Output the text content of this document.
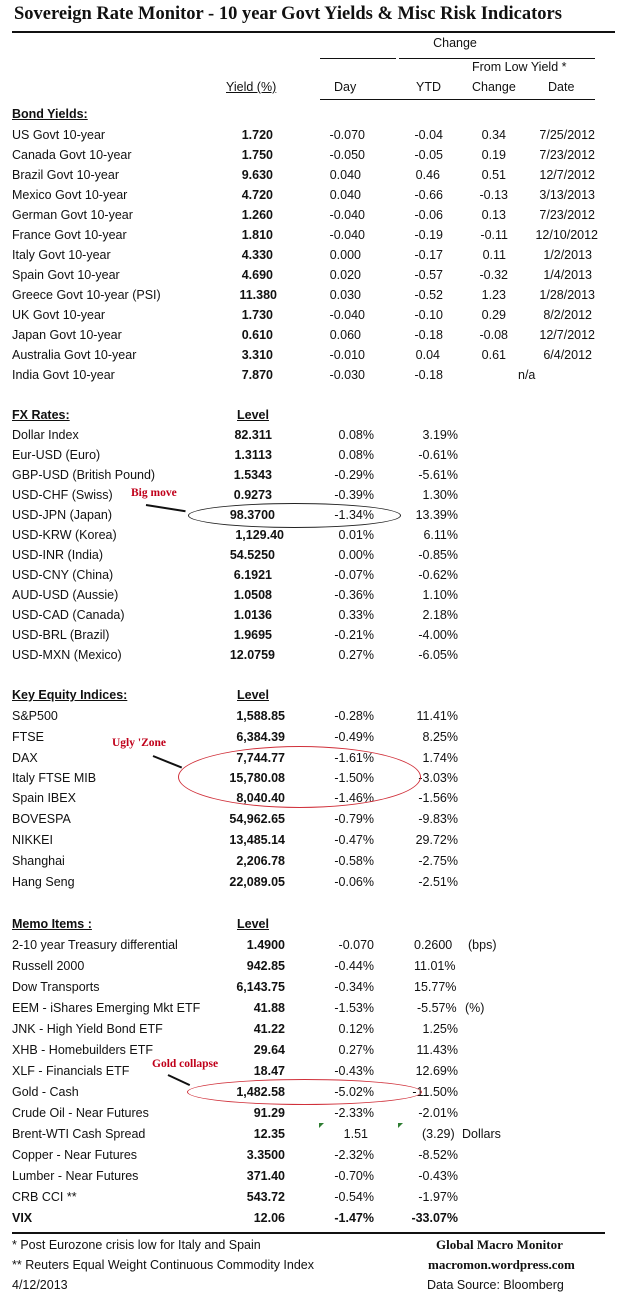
Sovereign Rate Monitor - 10 year Govt Yields & Misc Risk Indicators
Change
From Low Yield *
Yield (%)	Day	YTD Change	Date
Bond Yields:
US Govt 10-year	1.720	-0.070	-0.04	0.34	7/25/2012
Canada Govt 10-year	1.750	-0.050	-0.05	0.19	7/23/2012
Brazil Govt 10-year	9.630	0.040	0.46	0.51	12/7/2012
Mexico Govt 10-year	4.720	0.040	-0.66	-0.13	3/13/2013
German Govt 10-year	1.260	-0.040	-0.06	0.13	7/23/2012
France Govt 10-year	1.810	-0.040	-0.19	-0.11	12/10/2012
Italy Govt 10-year	4.330	0.000	-0.17	0.11	1/2/2013
Spain Govt 10-year	4.690	0.020	-0.57	-0.32	1/4/2013
Greece Govt 10-year (PSI)	11.380	0.030	-0.52	1.23	1/28/2013
UK Govt 10-year	1.730	-0.040	-0.10	0.29	8/2/2012
Japan Govt 10-year	0.610	0.060	-0.18	-0.08	12/7/2012
Australia Govt 10-year	3.310	-0.010	0.04	0.61	6/4/2012
India Govt 10-year	7.870	-0.030	-0.18	n/a
FX Rates:	Level
Dollar Index	82.311	0.08%	3.19%
Eur-USD (Euro)	1.3113	0.08%	-0.61%
GBP-USD (British Pound)	1.5343	-0.29%	-5.61%
USD-CHF (Swiss)	0.9273	-0.39%	1.30%
USD-JPN (Japan)	98.3700	-1.34%	13.39%
USD-KRW (Korea)	1,129.40	0.01%	6.11%
USD-INR (India)	54.5250	0.00%	-0.85%
USD-CNY (China)	6.1921	-0.07%	-0.62%
AUD-USD (Aussie)	1.0508	-0.36%	1.10%
USD-CAD (Canada)	1.0136	0.33%	2.18%
USD-BRL (Brazil)	1.9695	-0.21%	-4.00%
USD-MXN (Mexico)	12.0759	0.27%	-6.05%
Big move
Key Equity Indices:	Level
S&P500	1,588.85	-0.28%	11.41%
FTSE	6,384.39	-0.49%	8.25%
DAX	7,744.77	-1.61%	1.74%
Italy FTSE MIB	15,780.08	-1.50%	-3.03%
Spain IBEX	8,040.40	-1.46%	-1.56%
BOVESPA	54,962.65	-0.79%	-9.83%
NIKKEI	13,485.14	-0.47%	29.72%
Shanghai	2,206.78	-0.58%	-2.75%
Hang Seng	22,089.05	-0.06%	-2.51%
Ugly 'Zone
Memo Items :	Level
2-10 year Treasury differential	1.4900	-0.070	0.2600 (bps)
Russell 2000	942.85	-0.44%	11.01%
Dow Transports	6,143.75	-0.34%	15.77%
EEM - iShares Emerging Mkt ETF	41.88	-1.53%	-5.57% (%)
JNK - High Yield Bond ETF	41.22	0.12%	1.25%
XHB - Homebuilders ETF	29.64	0.27%	11.43%
XLF - Financials ETF	18.47	-0.43%	12.69%
Gold - Cash	1,482.58	-5.02%	-11.50%
Crude Oil - Near Futures	91.29	-2.33%	-2.01%
Brent-WTI Cash Spread	12.35	1.51	(3.29) Dollars
Copper - Near Futures	3.3500	-2.32%	-8.52%
Lumber - Near Futures	371.40	-0.70%	-0.43%
CRB CCI **	543.72	-0.54%	-1.97%
VIX	12.06	-1.47%	-33.07%
Gold collapse
* Post Eurozone crisis low for Italy and Spain
** Reuters Equal Weight Continuous Commodity Index
4/12/2013
Global Macro Monitor
macromon.wordpress.com
Data Source: Bloomberg
